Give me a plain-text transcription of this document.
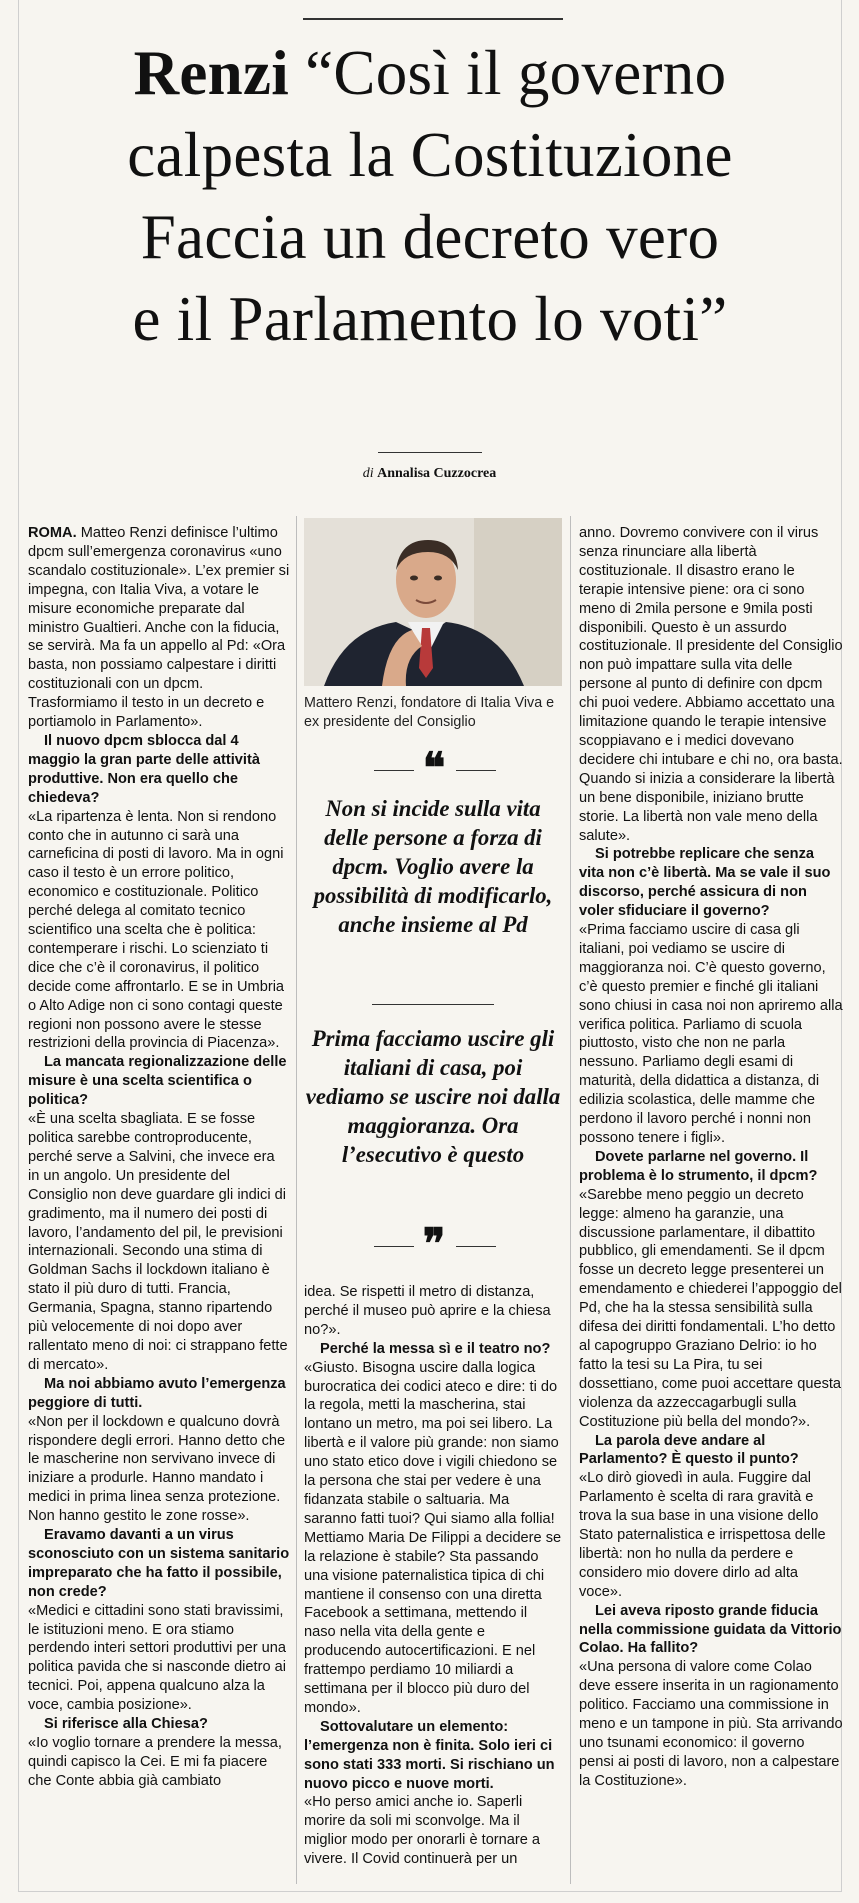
Renzi “Così il governo
calpesta la Costituzione
Faccia un decreto vero
e il Parlamento lo voti”
di Annalisa Cuzzocrea

ROMA. Matteo Renzi definisce l’ultimo dpcm sull’emergenza coronavirus «uno scandalo costituzionale». L’ex premier si impegna, con Italia Viva, a votare le misure economiche preparate dal ministro Gualtieri. Anche con la fiducia, se servirà. Ma fa un appello al Pd: «Ora basta, non possiamo calpestare i diritti costituzionali con un dpcm. Trasformiamo il testo in un decreto e portiamolo in Parlamento».

Il nuovo dpcm sblocca dal 4 maggio la gran parte delle attività produttive. Non era quello che chiedeva?

«La ripartenza è lenta. Non si rendono conto che in autunno ci sarà una carneficina di posti di lavoro. Ma in ogni caso il testo è un errore politico, economico e costituzionale. Politico perché delega al comitato tecnico scientifico una scelta che è politica: contemperare i rischi. Lo scienziato ti dice che c’è il coronavirus, il politico decide come affrontarlo. E se in Umbria o Alto Adige non ci sono contagi queste regioni non possono avere le stesse restrizioni della provincia di Piacenza».

La mancata regionalizzazione delle misure è una scelta scientifica o politica?

«È una scelta sbagliata. E se fosse politica sarebbe controproducente, perché serve a Salvini, che invece era in un angolo. Un presidente del Consiglio non deve guardare gli indici di gradimento, ma il numero dei posti di lavoro, l’andamento del pil, le previsioni internazionali. Secondo una stima di Goldman Sachs il lockdown italiano è stato il più duro di tutti. Francia, Germania, Spagna, stanno ripartendo più velocemente di noi dopo aver rallentato meno di noi: ci strappano fette di mercato».

Ma noi abbiamo avuto l’emergenza peggiore di tutti.

«Non per il lockdown e qualcuno dovrà rispondere degli errori. Hanno detto che le mascherine non servivano invece di iniziare a produrle. Hanno mandato i medici in prima linea senza protezione. Non hanno gestito le zone rosse».

Eravamo davanti a un virus sconosciuto con un sistema sanitario impreparato che ha fatto il possibile, non crede?

«Medici e cittadini sono stati bravissimi, le istituzioni meno. E ora stiamo perdendo interi settori produttivi per una politica pavida che si nasconde dietro ai tecnici. Poi, appena qualcuno alza la voce, cambia posizione».

Si riferisce alla Chiesa?

«Io voglio tornare a prendere la messa, quindi capisco la Cei. E mi fa piacere che Conte abbia già cambiato

Mattero Renzi, fondatore di Italia Viva e ex presidente del Consiglio
❝
Non si incide sulla vita delle persone a forza di dpcm. Voglio avere la possibilità di modificarlo, anche insieme al Pd
Prima facciamo uscire gli italiani di casa, poi vediamo se uscire noi dalla maggioranza. Ora l’esecutivo è questo
❞

idea. Se rispetti il metro di distanza, perché il museo può aprire e la chiesa no?».

Perché la messa sì e il teatro no?

«Giusto. Bisogna uscire dalla logica burocratica dei codici ateco e dire: ti do la regola, metti la mascherina, stai lontano un metro, ma poi sei libero. La libertà e il valore più grande: non siamo uno stato etico dove i vigili chiedono se la persona che stai per vedere è una fidanzata stabile o saltuaria. Ma saranno fatti tuoi? Qui siamo alla follia! Mettiamo Maria De Filippi a decidere se la relazione è stabile? Sta passando una visione paternalistica tipica di chi mantiene il consenso con una diretta Facebook a settimana, mettendo il naso nella vita della gente e producendo autocertificazioni. E nel frattempo perdiamo 10 miliardi a settimana per il blocco più duro del mondo».

Sottovalutare un elemento: l’emergenza non è finita. Solo ieri ci sono stati 333 morti. Si rischiano un nuovo picco e nuove morti.

«Ho perso amici anche io. Saperli morire da soli mi sconvolge. Ma il miglior modo per onorarli è tornare a vivere. Il Covid continuerà per un

anno. Dovremo convivere con il virus senza rinunciare alla libertà costituzionale. Il disastro erano le terapie intensive piene: ora ci sono meno di 2mila persone e 9mila posti disponibili. Questo è un assurdo costituzionale. Il presidente del Consiglio non può impattare sulla vita delle persone al punto di definire con dpcm chi puoi vedere. Abbiamo accettato una limitazione quando le terapie intensive scoppiavano e i medici dovevano decidere chi intubare e chi no, ora basta. Quando si inizia a considerare la libertà un bene disponibile, iniziano brutte storie. La libertà non vale meno della salute».

Si potrebbe replicare che senza vita non c’è libertà. Ma se vale il suo discorso, perché assicura di non voler sfiduciare il governo?

«Prima facciamo uscire di casa gli italiani, poi vediamo se uscire di maggioranza noi. C’è questo governo, c’è questo premier e finché gli italiani sono chiusi in casa noi non apriremo alla verifica politica. Parliamo di scuola piuttosto, visto che non ne parla nessuno. Parliamo degli esami di maturità, della didattica a distanza, di edilizia scolastica, delle mamme che perdono il lavoro perché i nonni non possono tenere i figli».

Dovete parlarne nel governo. Il problema è lo strumento, il dpcm?

«Sarebbe meno peggio un decreto legge: almeno ha garanzie, una discussione parlamentare, il dibattito pubblico, gli emendamenti. Se il dpcm fosse un decreto legge presenterei un emendamento e chiederei l’appoggio del Pd, che ha la stessa sensibilità sulla difesa dei diritti fondamentali. L’ho detto al capogruppo Graziano Delrio: io ho fatto la tesi su La Pira, tu sei dossettiano, come puoi accettare questa violenza da azzeccagarbugli sulla Costituzione più bella del mondo?».

La parola deve andare al Parlamento? È questo il punto?

«Lo dirò giovedì in aula. Fuggire dal Parlamento è scelta di rara gravità e trova la sua base in una visione dello Stato paternalistica e irrispettosa delle libertà: non ho nulla da perdere e considero mio dovere dirlo ad alta voce».

Lei aveva riposto grande fiducia nella commissione guidata da Vittorio Colao. Ha fallito?

«Una persona di valore come Colao deve essere inserita in un ragionamento politico. Facciamo una commissione in meno e un tampone in più. Sta arrivando uno tsunami economico: il governo pensi ai posti di lavoro, non a calpestare la Costituzione».
